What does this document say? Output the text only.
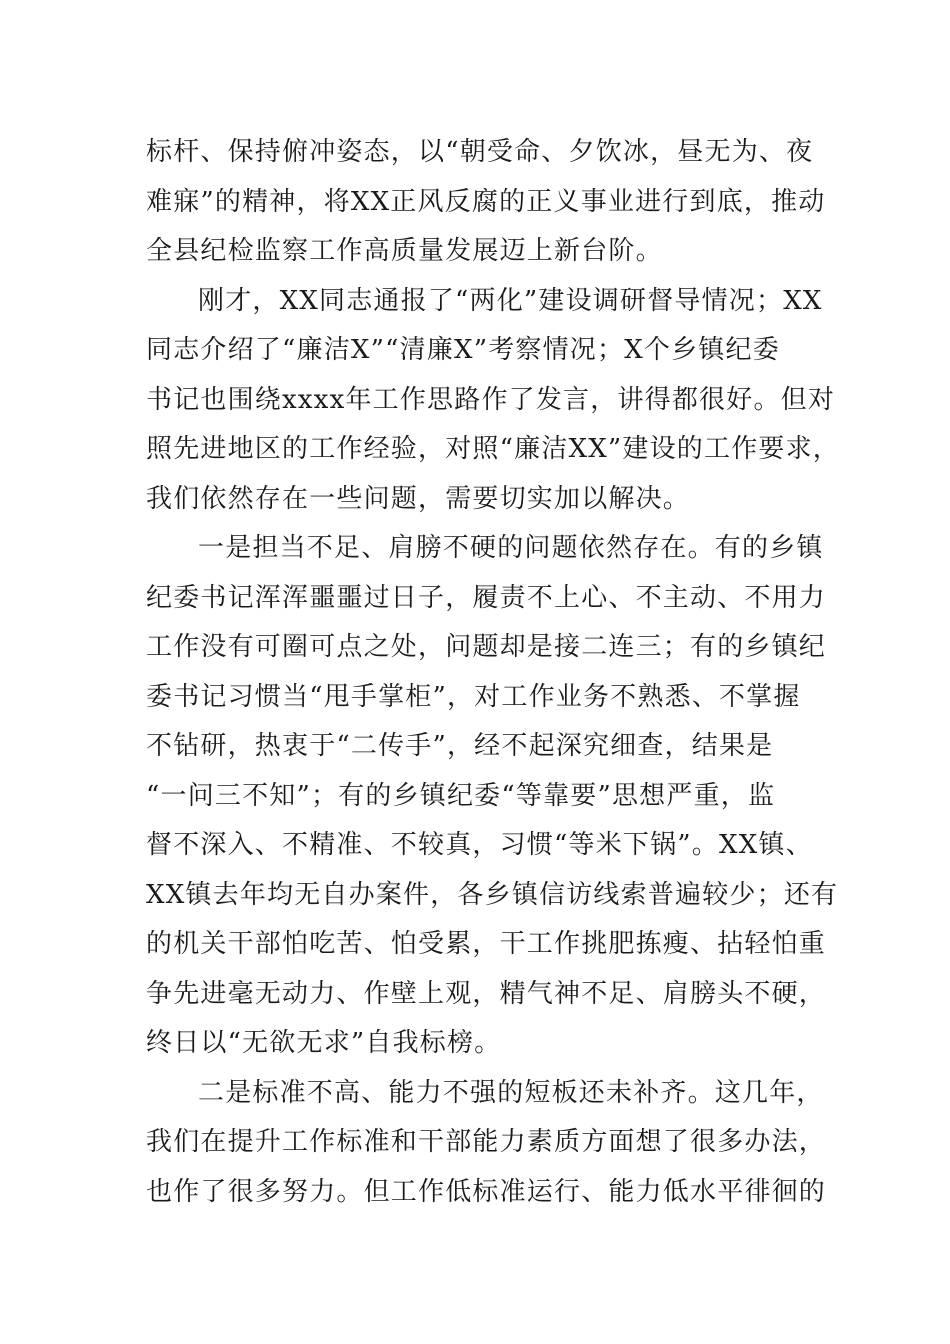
标杆、保持俯冲姿态，以“朝受命、夕饮冰，昼无为、夜
难寐”的精神，将XX正风反腐的正义事业进行到底，推动
全县纪检监察工作高质量发展迈上新台阶。
刚才，XX同志通报了“两化”建设调研督导情况；XX
同志介绍了“廉洁X”“清廉X”考察情况；X个乡镇纪委
书记也围绕xxxx年工作思路作了发言，讲得都很好。但对
照先进地区的工作经验，对照“廉洁XX”建设的工作要求，
我们依然存在一些问题，需要切实加以解决。
一是担当不足、肩膀不硬的问题依然存在。有的乡镇
纪委书记浑浑噩噩过日子，履责不上心、不主动、不用力
工作没有可圈可点之处，问题却是接二连三；有的乡镇纪
委书记习惯当“甩手掌柜”，对工作业务不熟悉、不掌握
不钻研，热衷于“二传手”，经不起深究细查，结果是
“一问三不知”；有的乡镇纪委“等靠要”思想严重，监
督不深入、不精准、不较真，习惯“等米下锅”。XX镇、
XX镇去年均无自办案件，各乡镇信访线索普遍较少；还有
的机关干部怕吃苦、怕受累，干工作挑肥拣瘦、拈轻怕重
争先进毫无动力、作壁上观，精气神不足、肩膀头不硬，
终日以“无欲无求”自我标榜。
二是标准不高、能力不强的短板还未补齐。这几年，
我们在提升工作标准和干部能力素质方面想了很多办法，
也作了很多努力。但工作低标准运行、能力低水平徘徊的
